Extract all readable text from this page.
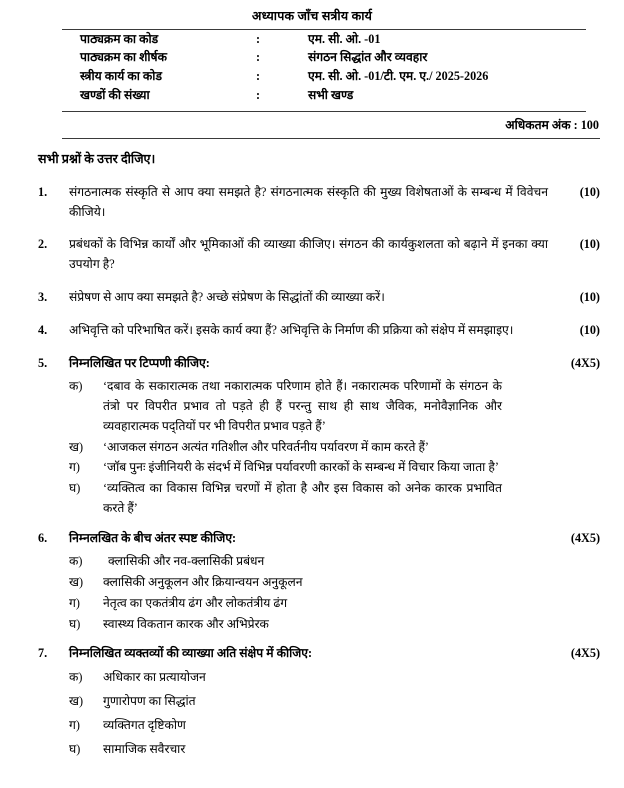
अध्यापक जाँच सत्रीय कार्य
पाठ्यक्रम का कोड	:	एम. सी. ओ. -01
पाठ्यक्रम का शीर्षक	:	संगठन सिद्धांत और व्यवहार
स्त्रीय कार्य का कोड	:	एम. सी. ओ. -01/टी. एम. ए./ 2025-2026
खण्डों की संख्या	:	सभी खण्ड
अधिकतम अंक : 100
सभी प्रश्नों के उत्तर दीजिए।
1.	संगठनात्मक संस्कृति से आप क्या समझते है? संगठनात्मक संस्कृति की मुख्य विशेषताओं के सम्बन्ध में विवेचन कीजिये।
(10)
2.	प्रबंधकों के विभिन्न कार्यों और भूमिकाओं की व्याख्या कीजिए। संगठन की कार्यकुशलता को बढ़ाने में इनका क्या उपयोग है?
(10)
3.	संप्रेषण से आप क्या समझते है? अच्छे संप्रेषण के सिद्धांतों की व्याख्या करें।	(10)
4.	अभिवृत्ति को परिभाषित करें। इसके कार्य क्या हैं? अभिवृत्ति के निर्माण की प्रक्रिया को संक्षेप में समझाइए।	(10)
5.	निम्नलिखित पर टिप्पणी कीजिए:	(4X5)
क)	‘दबाव के सकारात्मक तथा नकारात्मक परिणाम होते हैं। नकारात्मक परिणामों के संगठन के तंत्रो पर विपरीत प्रभाव तो पड़ते ही हैं परन्तु साथ ही साथ जैविक, मनोवैज्ञानिक और व्यवहारात्मक पद्तियों पर भी विपरीत प्रभाव पड़ते हैं’
ख)	‘आजकल संगठन अत्यंत गतिशील और परिवर्तनीय पर्यावरण में काम करते हैं’
ग)	‘जॉब पुनः इंजीनियरी के संदर्भ में विभिन्न पर्यावरणी कारकों के सम्बन्ध में विचार किया जाता है’
घ)	‘व्यक्तित्व का विकास विभिन्न चरणों में होता है और इस विकास को अनेक कारक प्रभावित करते हैं’
6.	निम्नलखित के बीच अंतर स्पष्ट कीजिए:	(4X5)
क)	क्लासिकी और नव-क्लासिकी प्रबंधन
ख)	क्लासिकी अनुकूलन और क्रियान्वयन अनुकूलन
ग)	नेतृत्व का एकतंत्रीय ढंग और लोकतंत्रीय ढंग
घ)	स्वास्थ्य विकतान कारक और अभिप्रेरक
7.	निम्नलिखित व्यक्तव्यों की व्याख्या अति संक्षेप में कीजिए:	(4X5)
क)	अधिकार का प्रत्यायोजन
ख)	गुणारोपण का सिद्धांत
ग)	व्यक्तिगत दृष्टिकोण
घ)	सामाजिक सवैरचार
